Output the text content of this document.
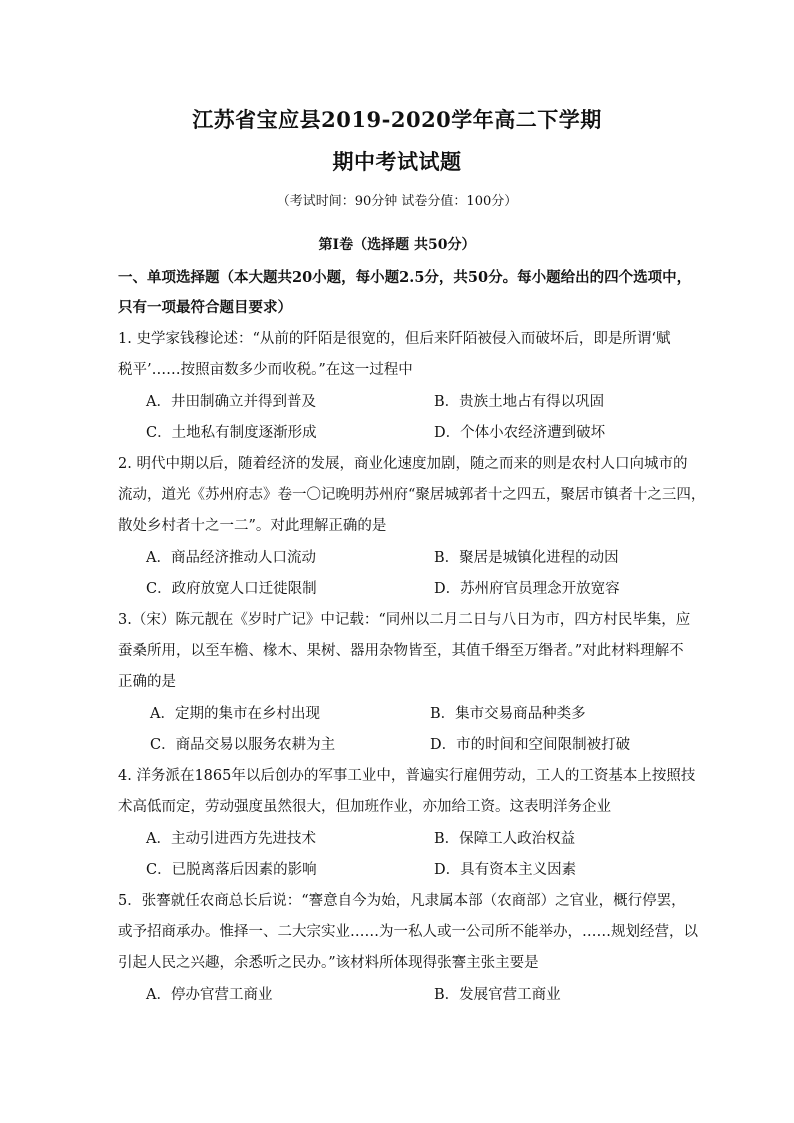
江苏省宝应县2019-2020学年高二下学期
期中考试试题
（考试时间：90分钟 试卷分值：100分）
第Ⅰ卷（选择题 共50分）
一、单项选择题（本大题共20小题，每小题2.5分，共50分。每小题给出的四个选项中，
只有一项最符合题目要求）
1. 史学家钱穆论述：“从前的阡陌是很宽的，但后来阡陌被侵入而破坏后，即是所谓‘赋
税平’……按照亩数多少而收税。”在这一过程中
A．井田制确立并得到普及	B．贵族土地占有得以巩固
C．土地私有制度逐渐形成	D．个体小农经济遭到破坏
2. 明代中期以后，随着经济的发展，商业化速度加剧，随之而来的则是农村人口向城市的
流动，道光《苏州府志》卷一〇记晚明苏州府“聚居城郭者十之四五，聚居市镇者十之三四，
散处乡村者十之一二”。对此理解正确的是
A．商品经济推动人口流动	B．聚居是城镇化进程的动因
C．政府放宽人口迁徙限制	D．苏州府官员理念开放宽容
3.（宋）陈元靓在《岁时广记》中记载：“同州以二月二日与八日为市，四方村民毕集，应
蚕桑所用，以至车檐、椽木、果树、器用杂物皆至，其值千缗至万缗者。”对此材料理解不
正确的是
A．定期的集市在乡村出现	B．集市交易商品种类多
C．商品交易以服务农耕为主	D．市的时间和空间限制被打破
4. 洋务派在1865年以后创办的军事工业中，普遍实行雇佣劳动，工人的工资基本上按照技
术高低而定，劳动强度虽然很大，但加班作业，亦加给工资。这表明洋务企业
A．主动引进西方先进技术	B．保障工人政治权益
C．已脱离落后因素的影响	D．具有资本主义因素
5．张謇就任农商总长后说：“謇意自今为始，凡隶属本部（农商部）之官业，概行停罢，
或予招商承办。惟择一、二大宗实业……为一私人或一公司所不能举办，……规划经营，以
引起人民之兴趣，余悉听之民办。”该材料所体现得张謇主张主要是
A．停办官营工商业	B．发展官营工商业
